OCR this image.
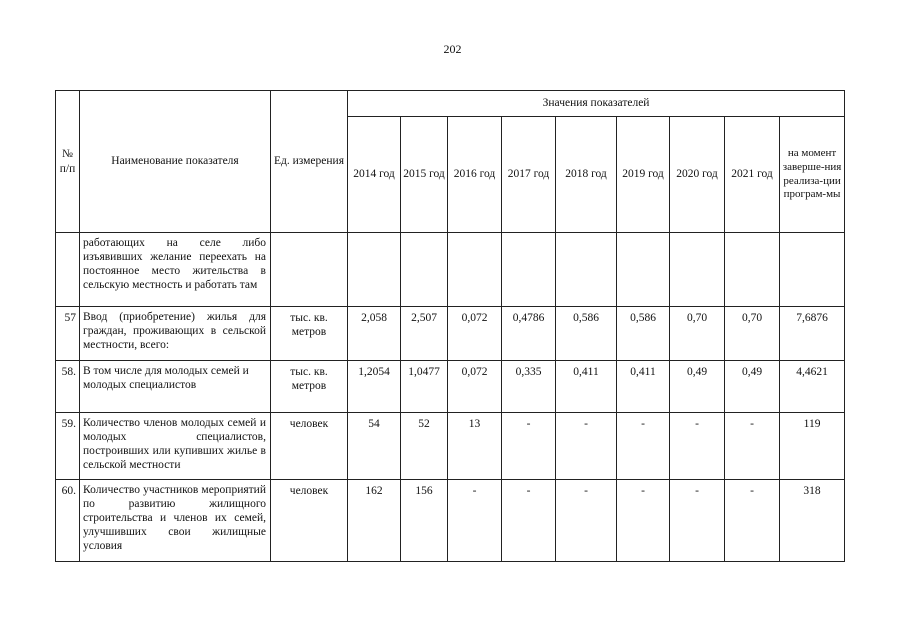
202
№ п/п	Наименование показателя	Ед. измерения	Значения показателей								
			2014 год	2015 год	2016 год	2017 год	2018 год	2019 год	2020 год	2021 год	на момент заверше-ния реализа-ции програм-мы
	работающих на селе либо изъявивших желание переехать на постоянное место жительства в сельскую местность и работать там										
57	Ввод (приобретение) жилья для граждан, проживающих в сельской местности, всего:	тыс. кв. метров	2,058	2,507	0,072	0,4786	0,586	0,586	0,70	0,70	7,6876
58.	В том числе для молодых семей и молодых специалистов	тыс. кв. метров	1,2054	1,0477	0,072	0,335	0,411	0,411	0,49	0,49	4,4621
59.	Количество членов молодых семей и молодых специалистов, построивших или купивших жилье в сельской местности	человек	54	52	13	-	-	-	-	-	119
60.	Количество участников мероприятий по развитию жилищного строительства и членов их семей, улучшивших свои жилищные условия	человек	162	156	-	-	-	-	-	-	318
